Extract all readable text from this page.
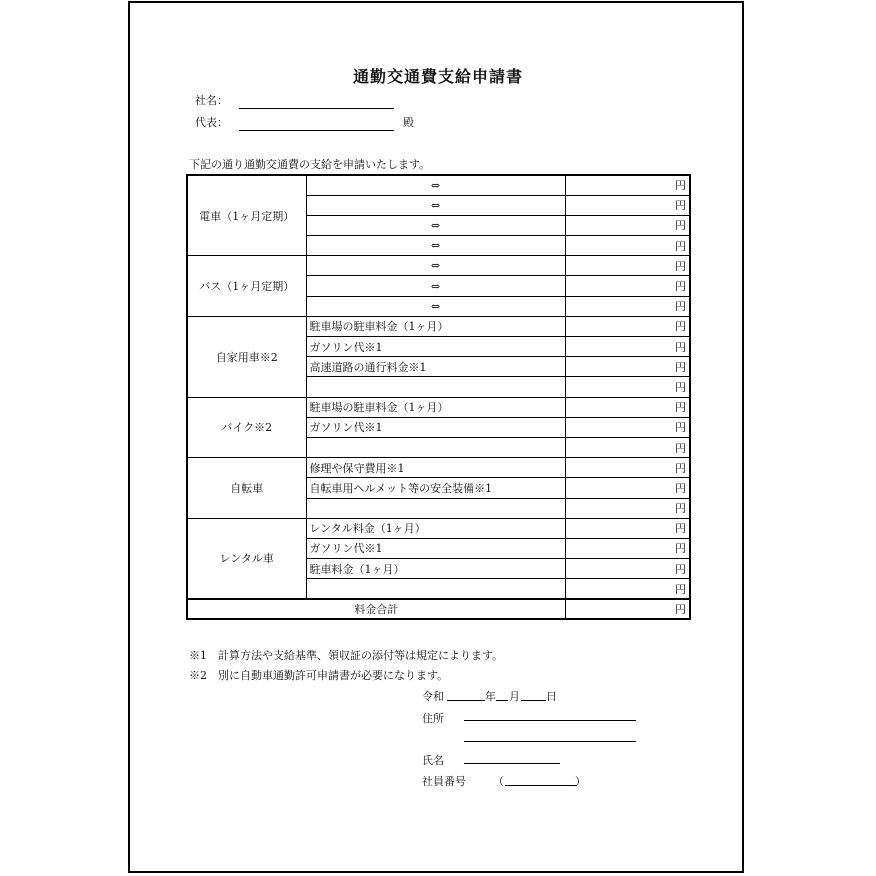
通勤交通費支給申請書
社名：
代表：	殿
下記の通り通勤交通費の支給を申請いたします。
電車（1ヶ月定期）	⇔	円
	⇔	円
	⇔	円
	⇔	円
バス（1ヶ月定期）	⇔	円
	⇔	円
	⇔	円
自家用車※2	駐車場の駐車料金（1ヶ月）	円
	ガソリン代※1	円
	高速道路の通行料金※1	円
		円
バイク※2	駐車場の駐車料金（1ヶ月）	円
	ガソリン代※1	円
		円
自転車	修理や保守費用※1	円
	自転車用ヘルメット等の安全装備※1	円
		円
レンタル車	レンタル料金（1ヶ月）	円
	ガソリン代※1	円
	駐車料金（1ヶ月）	円
		円
料金合計		円
※1　計算方法や支給基準、領収証の添付等は規定によります。
※2　別に自動車通勤許可申請書が必要になります。
令和	年 月 日
住所
氏名
社員番号 （	）
